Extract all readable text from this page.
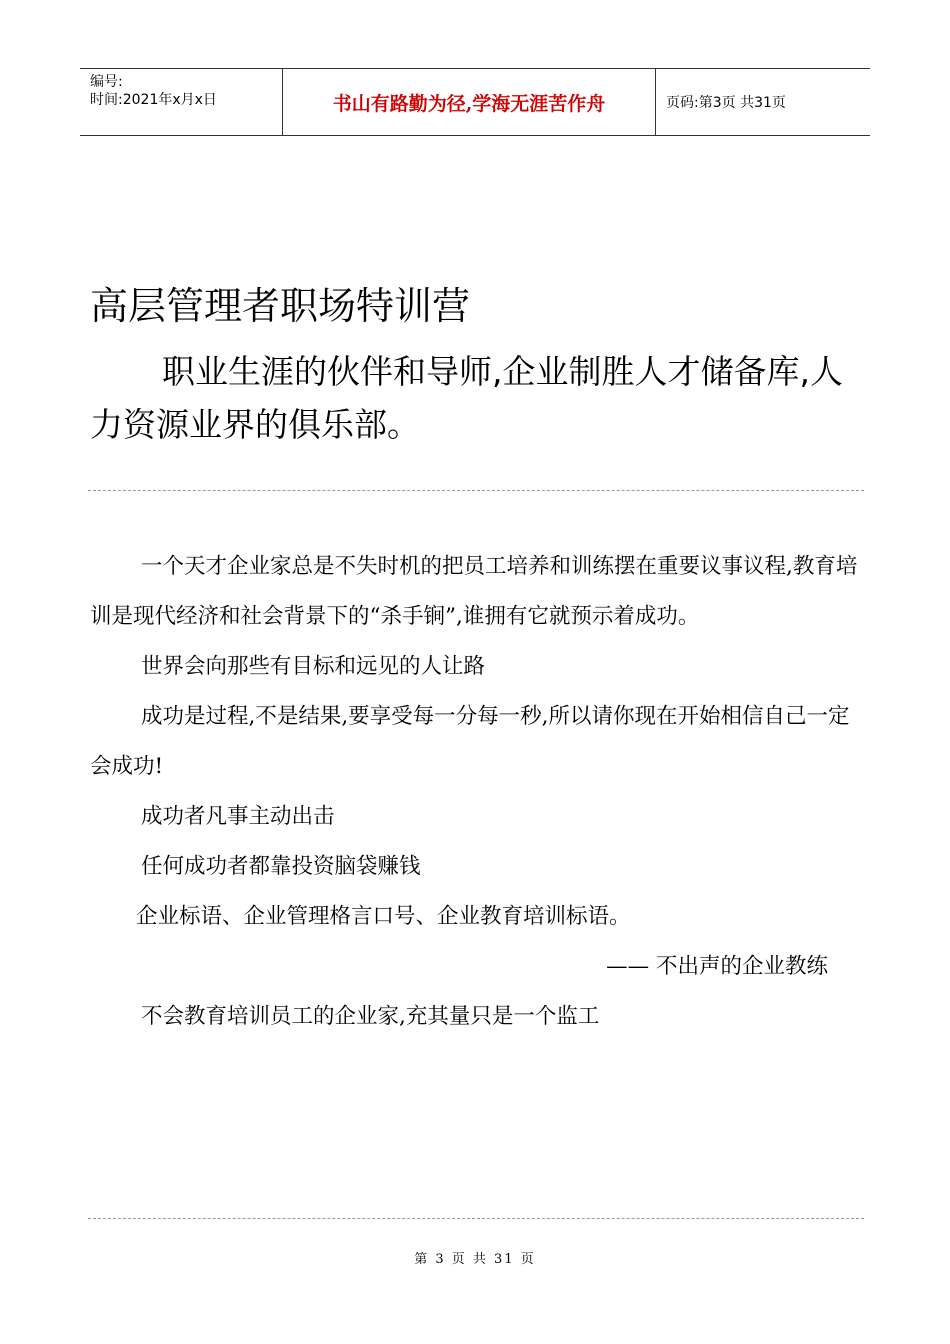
编号:
时间:2021年x月x日	书山有路勤为径,学海无涯苦作舟	页码:第3页 共31页
高层管理者职场特训营
职业生涯的伙伴和导师,企业制胜人才储备库,人力资源业界的俱乐部。

一个天才企业家总是不失时机的把员工培养和训练摆在重要议事议程,教育培训是现代经济和社会背景下的“杀手锏”,谁拥有它就预示着成功。

世界会向那些有目标和远见的人让路

成功是过程,不是结果,要享受每一分每一秒,所以请你现在开始相信自己一定会成功!

成功者凡事主动出击

任何成功者都靠投资脑袋赚钱

企业标语、企业管理格言口号、企业教育培训标语。

—— 不出声的企业教练

不会教育培训员工的企业家,充其量只是一个监工

第 3 页 共 31 页
